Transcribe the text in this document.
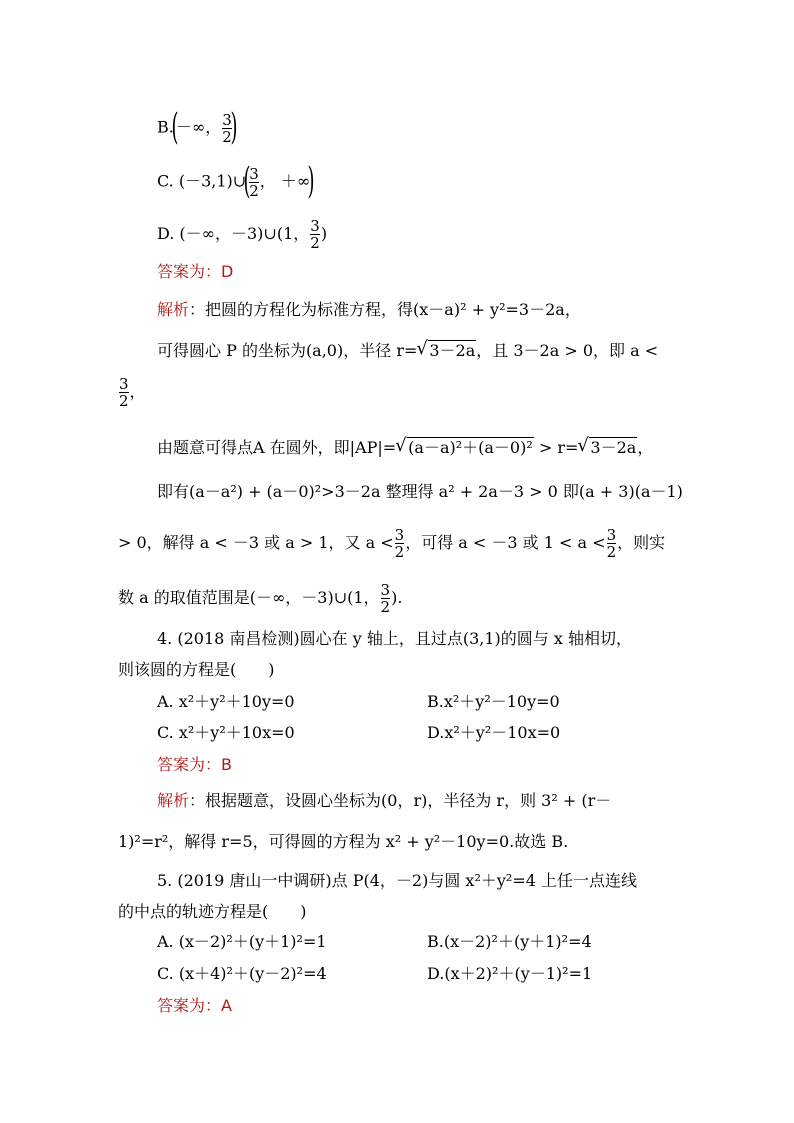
B.(－∞， $\frac{3}{2}$
)
C. (－3,1)∪(
$\frac{3}{2}$ ， ＋∞)
D. (－∞，－3)∪(1， $\frac{3}{2}$ )
答案为：D
解析：把圆的方程化为标准方程，得(x－a)² + y²=3－2a，
可得圆心 P 的坐标为(a,0)，半径 r= √ 3－2a，且 3－2a > 0，即 a <
$\frac{3}{2}$ ，
由题意可得点A 在圆外，即|AP|= √ (a－a)²＋(a－0)² > r= √ 3－2a，
即有(a－a²) + (a－0)²>3－2a 整理得 a² + 2a－3 > 0 即(a + 3)(a－1)
> 0，解得 a < －3 或 a > 1，又 $a < \frac{3}{2}$ ，可得 a < －3 或 $1 < a < \frac{3}{2}$ ，则实
数 a 的取值范围是(－∞，－3)∪(1， $\frac{3}{2}$ ).
4. (2018 南昌检测)圆心在 y 轴上，且过点(3,1)的圆与 x 轴相切，
则该圆的方程是(　　)
A. x²＋y²＋10y=0	B.x²＋y²－10y=0
C. x²＋y²＋10x=0	D.x²＋y²－10x=0
答案为：B
解析：根据题意，设圆心坐标为(0，r)，半径为 r，则 3² + (r－
1)²=r²，解得 r=5，可得圆的方程为 x² + y²－10y=0.故选 B.
5. (2019 唐山一中调研)点 P(4，－2)与圆 x²＋y²=4 上任一点连线
的中点的轨迹方程是(　　)
A. (x－2)²＋(y＋1)²=1	B.(x－2)²＋(y＋1)²=4
C. (x＋4)²＋(y－2)²=4	D.(x＋2)²＋(y－1)²=1
答案为：A
